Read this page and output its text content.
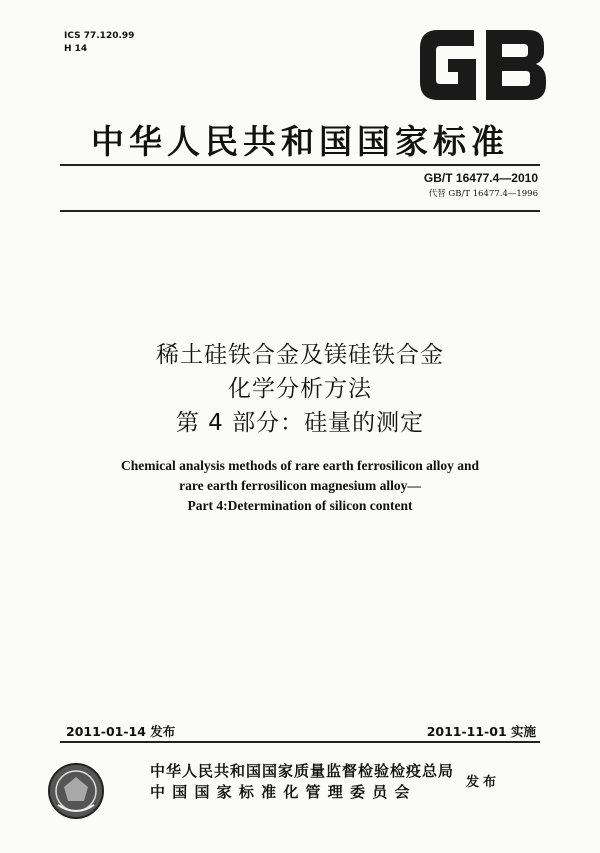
ICS 77.120.99
H 14
GB
中华人民共和国国家标准
GB/T 16477.4—2010
代替 GB/T 16477.4—1996
稀土硅铁合金及镁硅铁合金
化学分析方法
第 4 部分：硅量的测定
Chemical analysis methods of rare earth ferrosilicon alloy and
rare earth ferrosilicon magnesium alloy—
Part 4:Determination of silicon content
2011-01-14 发布	2011-11-01 实施
中华人民共和国国家质量监督检验检疫总局
中 国 国 家 标 准 化 管 理 委 员 会
发布
